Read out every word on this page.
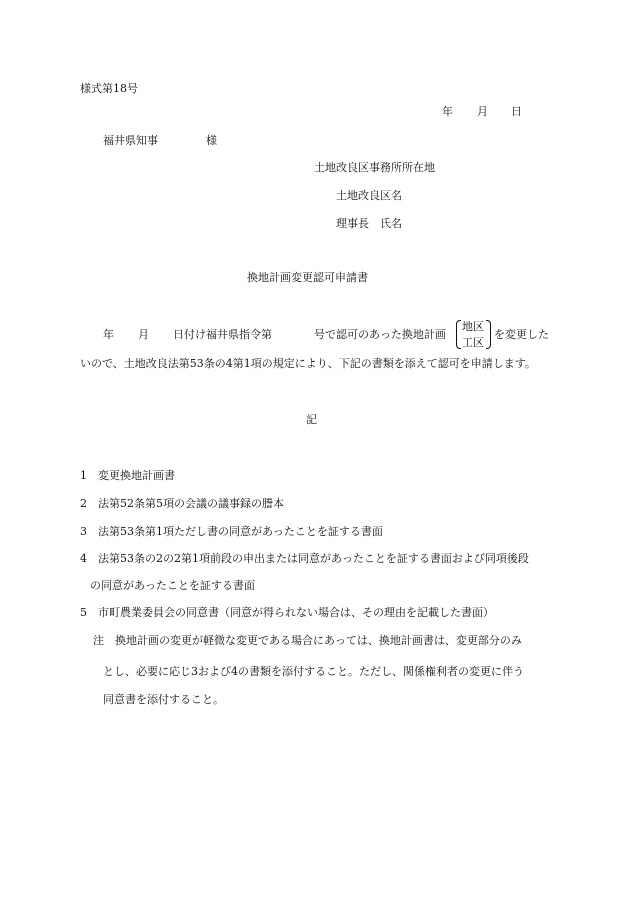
様式第18号
年 月 日
福井県知事	様
土地改良区事務所所在地
土地改良区名
理事長　氏名
換地計画変更認可申請書
年 月 日付け福井県指令第	号で認可のあった換地計画
地区
工区
を変更した
いので、土地改良法第53条の4第1項の規定により、下記の書類を添えて認可を申請します。
記
1　変更換地計画書
2　法第52条第5項の会議の議事録の謄本
3　法第53条第1項ただし書の同意があったことを証する書面
4　法第53条の2の2第1項前段の申出または同意があったことを証する書面および同項後段
の同意があったことを証する書面
5　市町農業委員会の同意書（同意が得られない場合は、その理由を記載した書面）
注　換地計画の変更が軽微な変更である場合にあっては、換地計画書は、変更部分のみ
とし、必要に応じ3および4の書類を添付すること。ただし、関係権利者の変更に伴う
同意書を添付すること。
